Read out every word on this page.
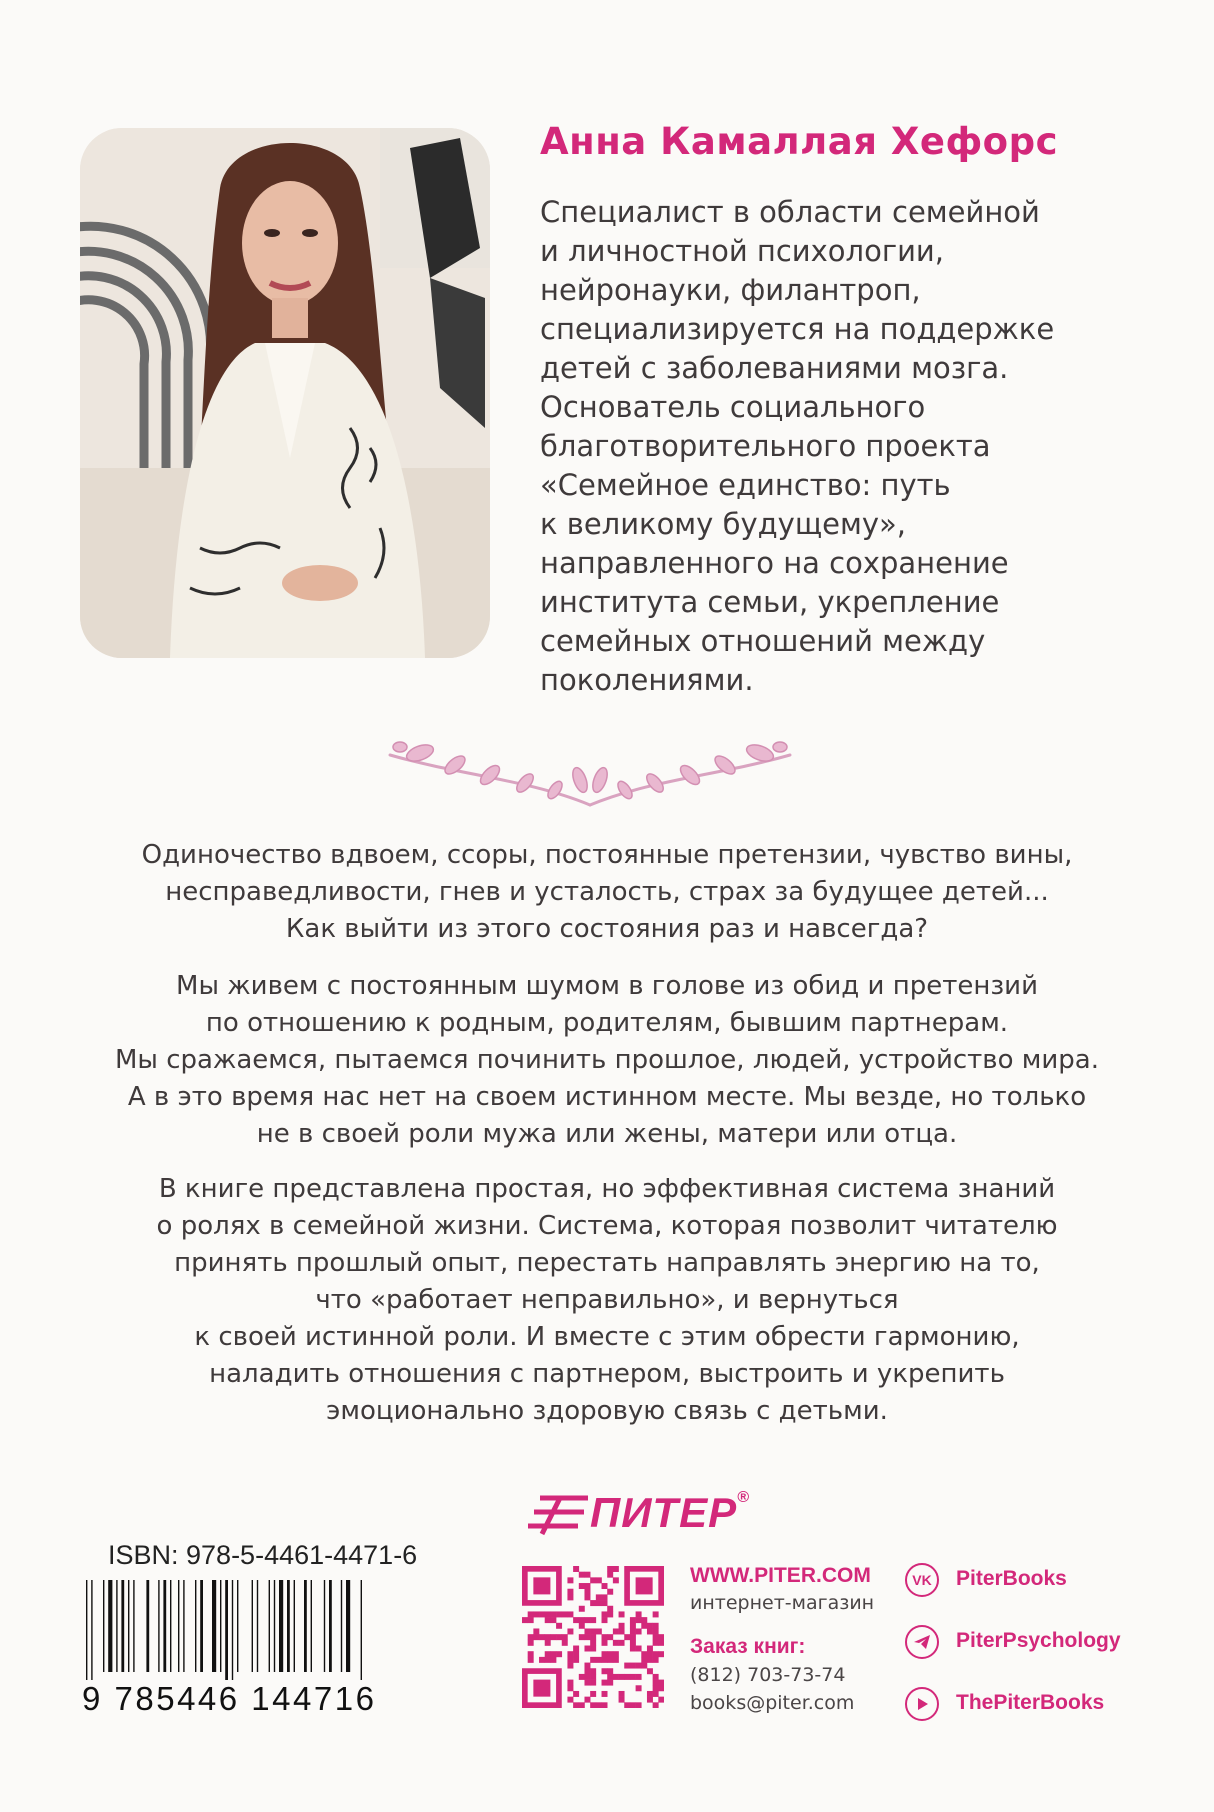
Анна Камаллая Хефорс
Специалист в области семейной
и личностной психологии,
нейронауки, филантроп,
специализируется на поддержке
детей с заболеваниями мозга.
Основатель социального
благотворительного проекта
«Семейное единство: путь
к великому будущему»,
направленного на сохранение
института семьи, укрепление
семейных отношений между
поколениями.
Одиночество вдвоем, ссоры, постоянные претензии, чувство вины,
несправедливости, гнев и усталость, страх за будущее детей...
Как выйти из этого состояния раз и навсегда?
Мы живем с постоянным шумом в голове из обид и претензий
по отношению к родным, родителям, бывшим партнерам.
Мы сражаемся, пытаемся починить прошлое, людей, устройство мира.
А в это время нас нет на своем истинном месте. Мы везде, но только
не в своей роли мужа или жены, матери или отца.
В книге представлена простая, но эффективная система знаний
о ролях в семейной жизни. Система, которая позволит читателю
принять прошлый опыт, перестать направлять энергию на то,
что «работает неправильно», и вернуться
к своей истинной роли. И вместе с этим обрести гармонию,
наладить отношения с партнером, выстроить и укрепить
эмоционально здоровую связь с детьми.
ISBN: 978-5-4461-4471-6
9 785446 144716
ПИТЕР®
WWW.PITER.COM
интернет-магазин
Заказ книг:
(812) 703-73-74
books@piter.com
VK	PiterBooks
PiterPsychology
ThePiterBooks
